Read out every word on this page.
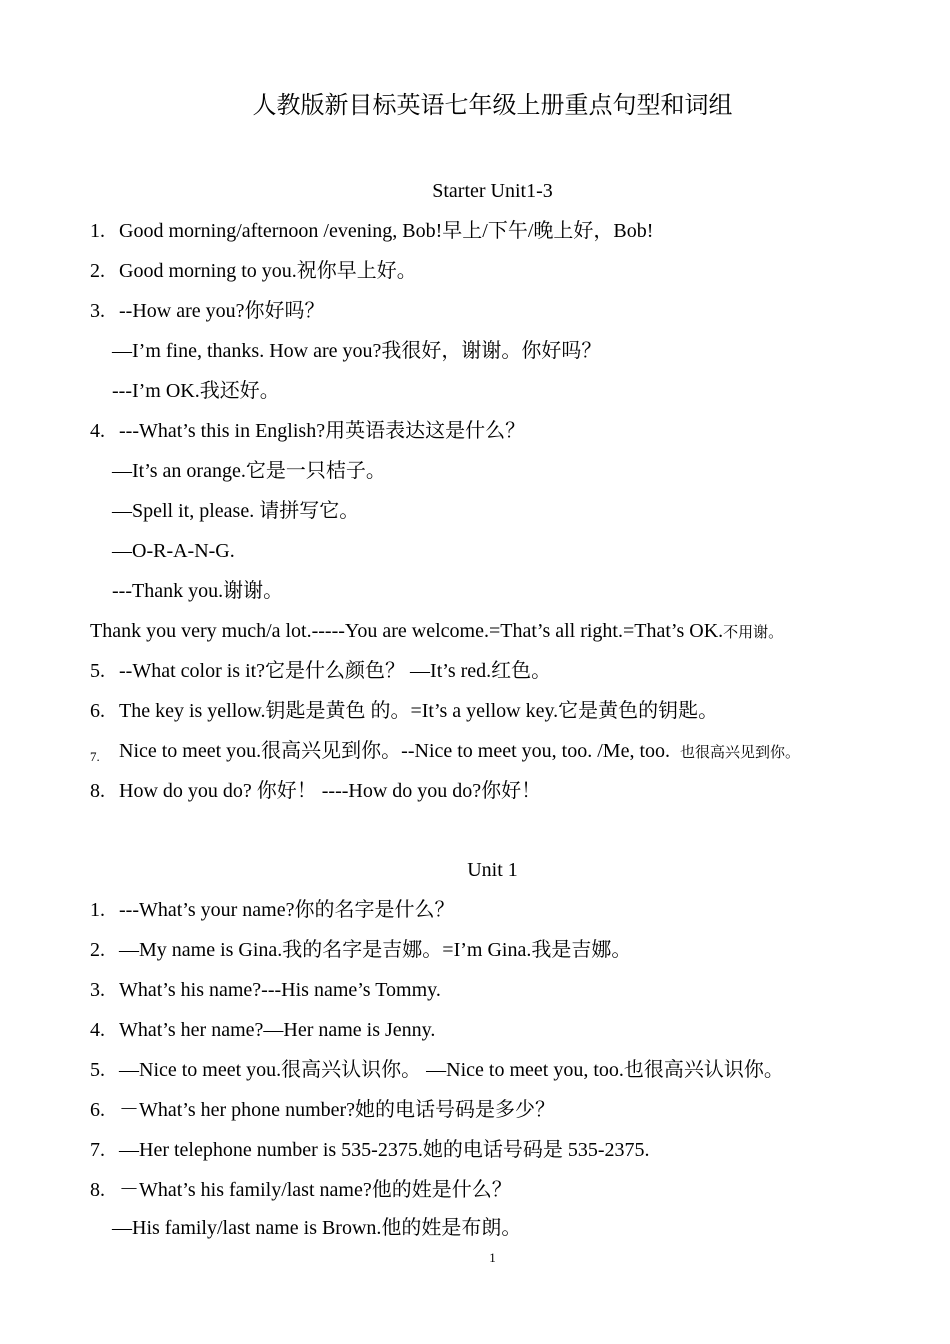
人教版新目标英语七年级上册重点句型和词组
Starter Unit1-3
1. Good morning/afternoon /evening, Bob!早上/下午/晚上好，Bob!
2. Good morning to you.祝你早上好。
3. --How are you?你好吗？
—I’m fine, thanks. How are you?我很好，谢谢。你好吗？
---I’m OK.我还好。
4. ---What’s this in English?用英语表达这是什么？
—It’s an orange.它是一只桔子。
—Spell it, please. 请拼写它。
—O-R-A-N-G.
---Thank you.谢谢。
Thank you very much/a lot.-----You are welcome.=That’s all right.=That’s OK.不用谢。
5. --What color is it?它是什么颜色？ —It’s red.红色。
6. The key is yellow.钥匙是黄色 的。=It’s a yellow key.它是黄色的钥匙。
7. Nice to meet you.很高兴见到你。--Nice to meet you, too. /Me, too. 也很高兴见到你。
8. How do you do? 你好！ ----How do you do?你好！
Unit 1
1. ---What’s your name?你的名字是什么？
2. —My name is Gina.我的名字是吉娜。=I’m Gina.我是吉娜。
3. What’s his name?---His name’s Tommy.
4. What’s her name?—Her name is Jenny.
5. —Nice to meet you.很高兴认识你。 —Nice to meet you, too.也很高兴认识你。
6. －What’s her phone number?她的电话号码是多少？
7. —Her telephone number is 535-2375.她的电话号码是 535-2375.
8. －What’s his family/last name?他的姓是什么？
—His family/last name is Brown.他的姓是布朗。
1
